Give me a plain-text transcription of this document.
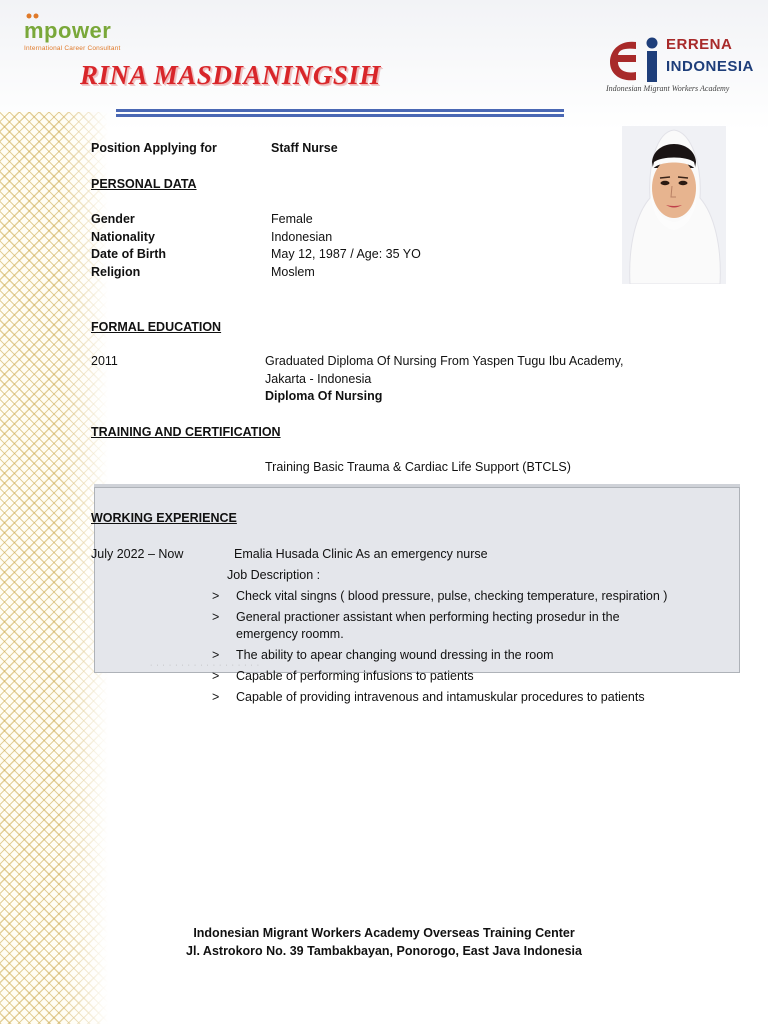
mpower
International Career Consultant	ERRENA
INDONESIA
Indonesian Migrant Workers Academy
RINA MASDIANINGSIH
Position Applying for	Staff Nurse
PERSONAL DATA
Gender	Female
Nationality	Indonesian
Date of Birth	May 12, 1987 / Age: 35 YO
Religion	Moslem
FORMAL EDUCATION
2011	Graduated Diploma Of Nursing From Yaspen Tugu Ibu Academy,
Jakarta - Indonesia
Diploma Of Nursing
TRAINING AND CERTIFICATION
Training Basic Trauma & Cardiac Life Support (BTCLS)
WORKING EXPERIENCE
July 2022 – Now	Emalia Husada Clinic As an emergency nurse
Job Description :
> Check vital singns ( blood pressure, pulse, checking temperature, respiration )
> General practioner assistant when performing hecting prosedur in the
emergency roomm.
> The ability to apear changing wound dressing in the room
· · · · · · · · · · · · · · · · · ·
> Capable of performing infusions to patients
> Capable of providing intravenous and intamuskular procedures to patients
Indonesian Migrant Workers Academy Overseas Training Center
Jl. Astrokoro No. 39 Tambakbayan, Ponorogo, East Java Indonesia
